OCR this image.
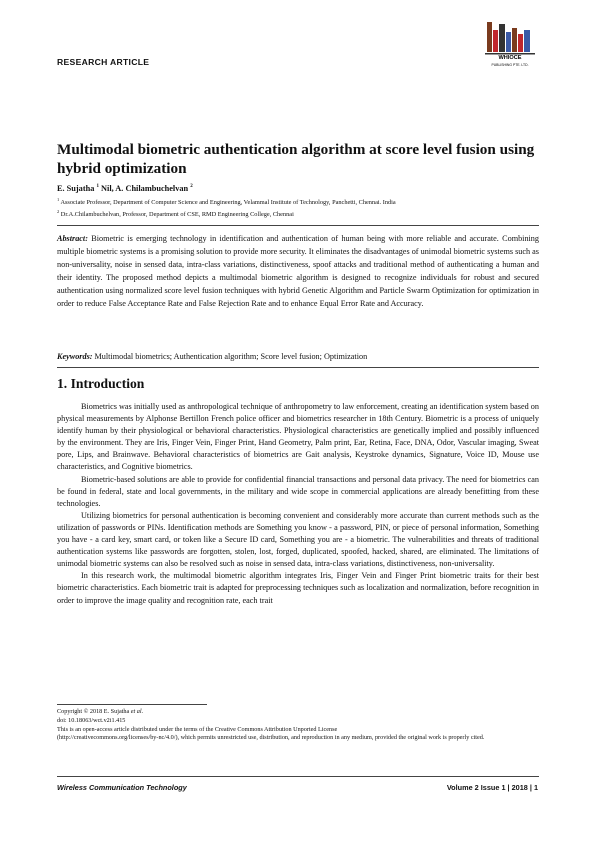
RESEARCH ARTICLE	WHIOCE
PUBLISHING PTE. LTD.
Multimodal biometric authentication algorithm at score level fusion using hybrid optimization
E. Sujatha $^1$ Nil, A. Chilambuchelvan $^2$
$^1$ Associate Professor, Department of Computer Science and Engineering, Velammal Institute of Technology, Panchetti, Chennai. India
$^2$ Dr.A.Chilambuchelvan, Professor, Department of CSE, RMD Engineering College, Chennai
Abstract: Biometric is emerging technology in identification and authentication of human being with more reliable and accurate. Combining multiple biometric systems is a promising solution to provide more security. It eliminates the disadvantages of unimodal biometric systems such as non-universality, noise in sensed data, intra-class variations, distinctiveness, spoof attacks and traditional method of authenticating a human and their identity. The proposed method depicts a multimodal biometric algorithm is designed to recognize individuals for robust and secured authentication using normalized score level fusion techniques with hybrid Genetic Algorithm and Particle Swarm Optimization for optimization in order to reduce False Acceptance Rate and False Rejection Rate and to enhance Equal Error Rate and Accuracy.
Keywords: Multimodal biometrics; Authentication algorithm; Score level fusion; Optimization
1. Introduction

Biometrics was initially used as anthropological technique of anthropometry to law enforcement, creating an identification system based on physical measurements by Alphonse Bertillon French police officer and biometrics researcher in 18th Century. Biometric is a process of uniquely identify human by their physiological or behavioral characteristics. Physiological characteristics are genetically implied and possibly influenced by the environment. They are Iris, Finger Vein, Finger Print, Hand Geometry, Palm print, Ear, Retina, Face, DNA, Odor, Vascular imaging, Sweat pore, Lips, and Brainwave. Behavioral characteristics of biometrics are Gait analysis, Keystroke dynamics, Signature, Voice ID, Mouse use characteristics, and Cognitive biometrics.

Biometric-based solutions are able to provide for confidential financial transactions and personal data privacy. The need for biometrics can be found in federal, state and local governments, in the military and wide scope in commercial applications are already benefitting from these technologies.

Utilizing biometrics for personal authentication is becoming convenient and considerably more accurate than current methods such as the utilization of passwords or PINs. Identification methods are Something you know - a password, PIN, or piece of personal information, Something you have - a card key, smart card, or token like a Secure ID card, Something you are - a biometric. The vulnerabilities and threats of traditional authentication systems like passwords are forgotten, stolen, lost, forged, duplicated, spoofed, hacked, shared, are eliminated. The limitations of unimodal biometric systems can also be resolved such as noise in sensed data, intra-class variations, distinctiveness, non-universality.

In this research work, the multimodal biometric algorithm integrates Iris, Finger Vein and Finger Print biometric traits for their best biometric characteristics. Each biometric trait is adapted for preprocessing techniques such as localization and normalization, before recognition in order to improve the image quality and recognition rate, each trait

Copyright © 2018 E. Sujatha et al.
doi: 10.18063/wct.v2i1.415
This is an open-access article distributed under the terms of the Creative Commons Attribution Unported License
(http://creativecommons.org/licenses/by-nc/4.0/), which permits unrestricted use, distribution, and reproduction in any medium, provided the original work is properly cited.
Wireless Communication Technology	Volume 2 Issue 1 | 2018 | 1
